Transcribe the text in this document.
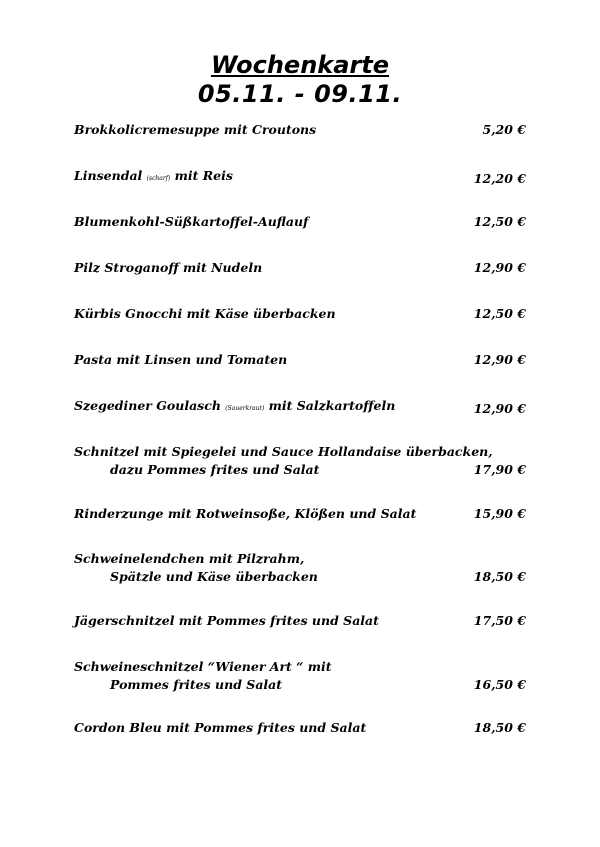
Wochenkarte
05.11. - 09.11.
Brokkolicremesuppe mit Croutons	5,20 €
Linsendal (scharf) mit Reis	12,20 €
Blumenkohl-Süßkartoffel-Auflauf	12,50 €
Pilz Stroganoff mit Nudeln	12,90 €
Kürbis Gnocchi mit Käse überbacken	12,50 €
Pasta mit Linsen und Tomaten	12,90 €
Szegediner Goulasch (Sauerkraut) mit Salzkartoffeln	12,90 €
Schnitzel mit Spiegelei und Sauce Hollandaise überbacken,
dazu Pommes frites und Salat	17,90 €
Rinderzunge mit Rotweinsoße, Klößen und Salat	15,90 €
Schweinelendchen mit Pilzrahm,
Spätzle und Käse überbacken	18,50 €
Jägerschnitzel mit Pommes frites und Salat	17,50 €
Schweineschnitzel “Wiener Art “ mit
Pommes frites und Salat	16,50 €
Cordon Bleu mit Pommes frites und Salat	18,50 €
